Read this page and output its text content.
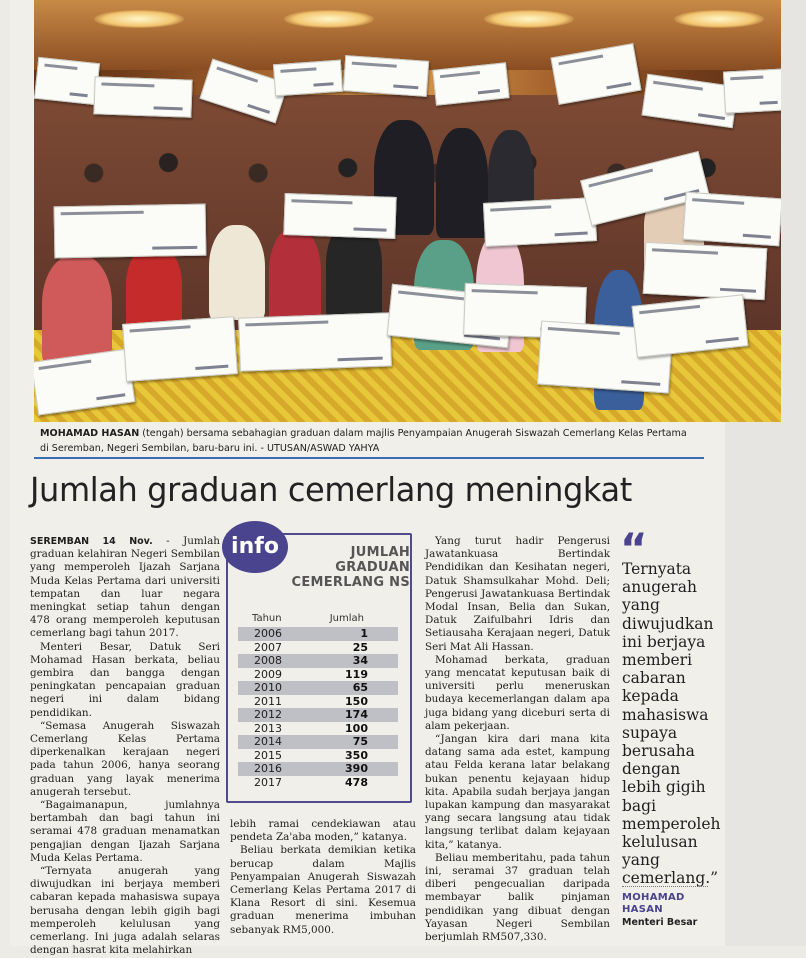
MOHAMAD HASAN (tengah) bersama sebahagian graduan dalam majlis Penyampaian Anugerah Siswazah Cemerlang Kelas Pertama di Seremban, Negeri Sembilan, baru-baru ini. - UTUSAN/ASWAD YAHYA
Jumlah graduan cemerlang meningkat

SEREMBAN 14 Nov. - Jumlah graduan kelahiran Negeri Sembilan yang memperoleh Ijazah Sarjana Muda Kelas Pertama dari universiti tempatan dan luar negara meningkat setiap tahun dengan 478 orang memperoleh keputusan cemerlang bagi tahun 2017.

Menteri Besar, Datuk Seri Mohamad Hasan berkata, beliau gembira dan bangga dengan peningkatan pencapaian graduan negeri ini dalam bidang pendidikan.

“Semasa Anugerah Siswazah Cemerlang Kelas Pertama diperkenalkan kerajaan negeri pada tahun 2006, hanya seorang graduan yang layak menerima anugerah tersebut.

“Bagaimanapun, jumlahnya bertambah dan bagi tahun ini seramai 478 graduan menamatkan pengajian dengan Ijazah Sarjana Muda Kelas Pertama.

“Ternyata anugerah yang diwujudkan ini berjaya memberi cabaran kepada mahasiswa supaya berusaha dengan lebih gigih bagi memperoleh kelulusan yang cemerlang. Ini juga adalah selaras dengan hasrat kita melahirkan

info	JUMLAH GRADUAN CEMERLANG NS
Tahun	Jumlah
2006	1
2007	25
2008	34
2009	119
2010	65
2011	150
2012	174
2013	100
2014	75
2015	350
2016	390
2017	478

lebih ramai cendekiawan atau pendeta Za'aba moden,” katanya.

Beliau berkata demikian ketika berucap dalam Majlis Penyampaian Anugerah Siswazah Cemerlang Kelas Pertama 2017 di Klana Resort di sini. Kesemua graduan menerima imbuhan sebanyak RM5,000.

Yang turut hadir Pengerusi Jawatankuasa Bertindak Pendidikan dan Kesihatan negeri, Datuk Shamsulkahar Mohd. Deli; Pengerusi Jawatankuasa Bertindak Modal Insan, Belia dan Sukan, Datuk Zaifulbahri Idris dan Setiausaha Kerajaan negeri, Datuk Seri Mat Ali Hassan.

Mohamad berkata, graduan yang mencatat keputusan baik di universiti perlu meneruskan budaya kecemerlangan dalam apa juga bidang yang diceburi serta di alam pekerjaan.

“Jangan kira dari mana kita datang sama ada estet, kampung atau Felda kerana latar belakang bukan penentu kejayaan hidup kita. Apabila sudah berjaya jangan lupakan kampung dan masyarakat yang secara langsung atau tidak langsung terlibat dalam kejayaan kita,” katanya.

Beliau memberitahu, pada tahun ini, seramai 37 graduan telah diberi pengecualian daripada membayar balik pinjaman pendidikan yang dibuat dengan Yayasan Negeri Sembilan berjumlah RM507,330.

“
Ternyata anugerah yang diwujudkan ini berjaya memberi cabaran kepada mahasiswa supaya berusaha dengan lebih gigih bagi memperoleh kelulusan yang cemerlang.”
MOHAMAD HASAN
Menteri Besar
